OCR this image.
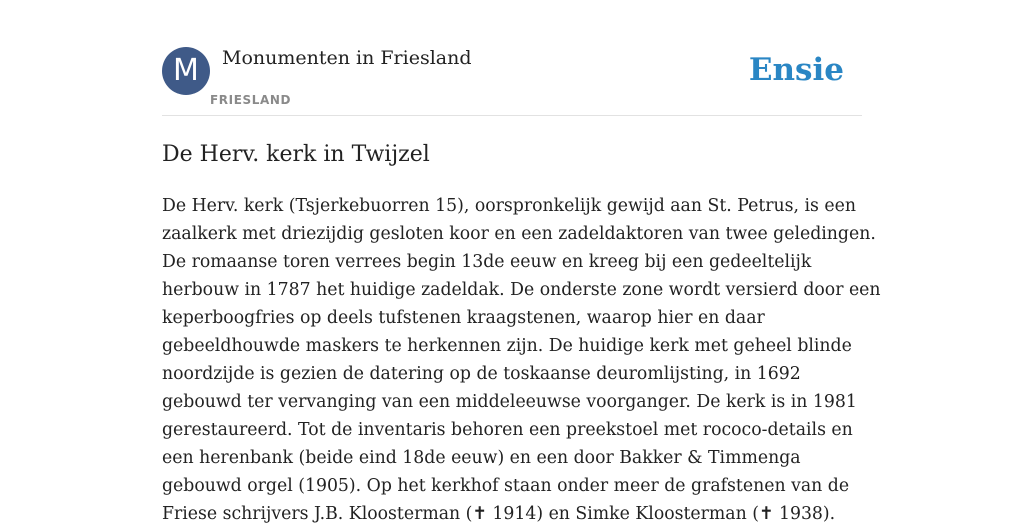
M	Monumenten in Friesland
FRIESLAND
Ensie
De Herv. kerk in Twijzel
De Herv. kerk (Tsjerkebuorren 15), oorspronkelijk gewijd aan St. Petrus, is een
zaalkerk met driezijdig gesloten koor en een zadeldaktoren van twee geledingen.
De romaanse toren verrees begin 13de eeuw en kreeg bij een gedeeltelijk
herbouw in 1787 het huidige zadeldak. De onderste zone wordt versierd door een
keperboogfries op deels tufstenen kraagstenen, waarop hier en daar
gebeeldhouwde maskers te herkennen zijn. De huidige kerk met geheel blinde
noordzijde is gezien de datering op de toskaanse deuromlijsting, in 1692
gebouwd ter vervanging van een middeleeuwse voorganger. De kerk is in 1981
gerestaureerd. Tot de inventaris behoren een preekstoel met rococo-details en
een herenbank (beide eind 18de eeuw) en een door Bakker & Timmenga
gebouwd orgel (1905). Op het kerkhof staan onder meer de grafstenen van de
Friese schrijvers J.B. Kloosterman (✝ 1914) en Simke Kloosterman (✝ 1938).
